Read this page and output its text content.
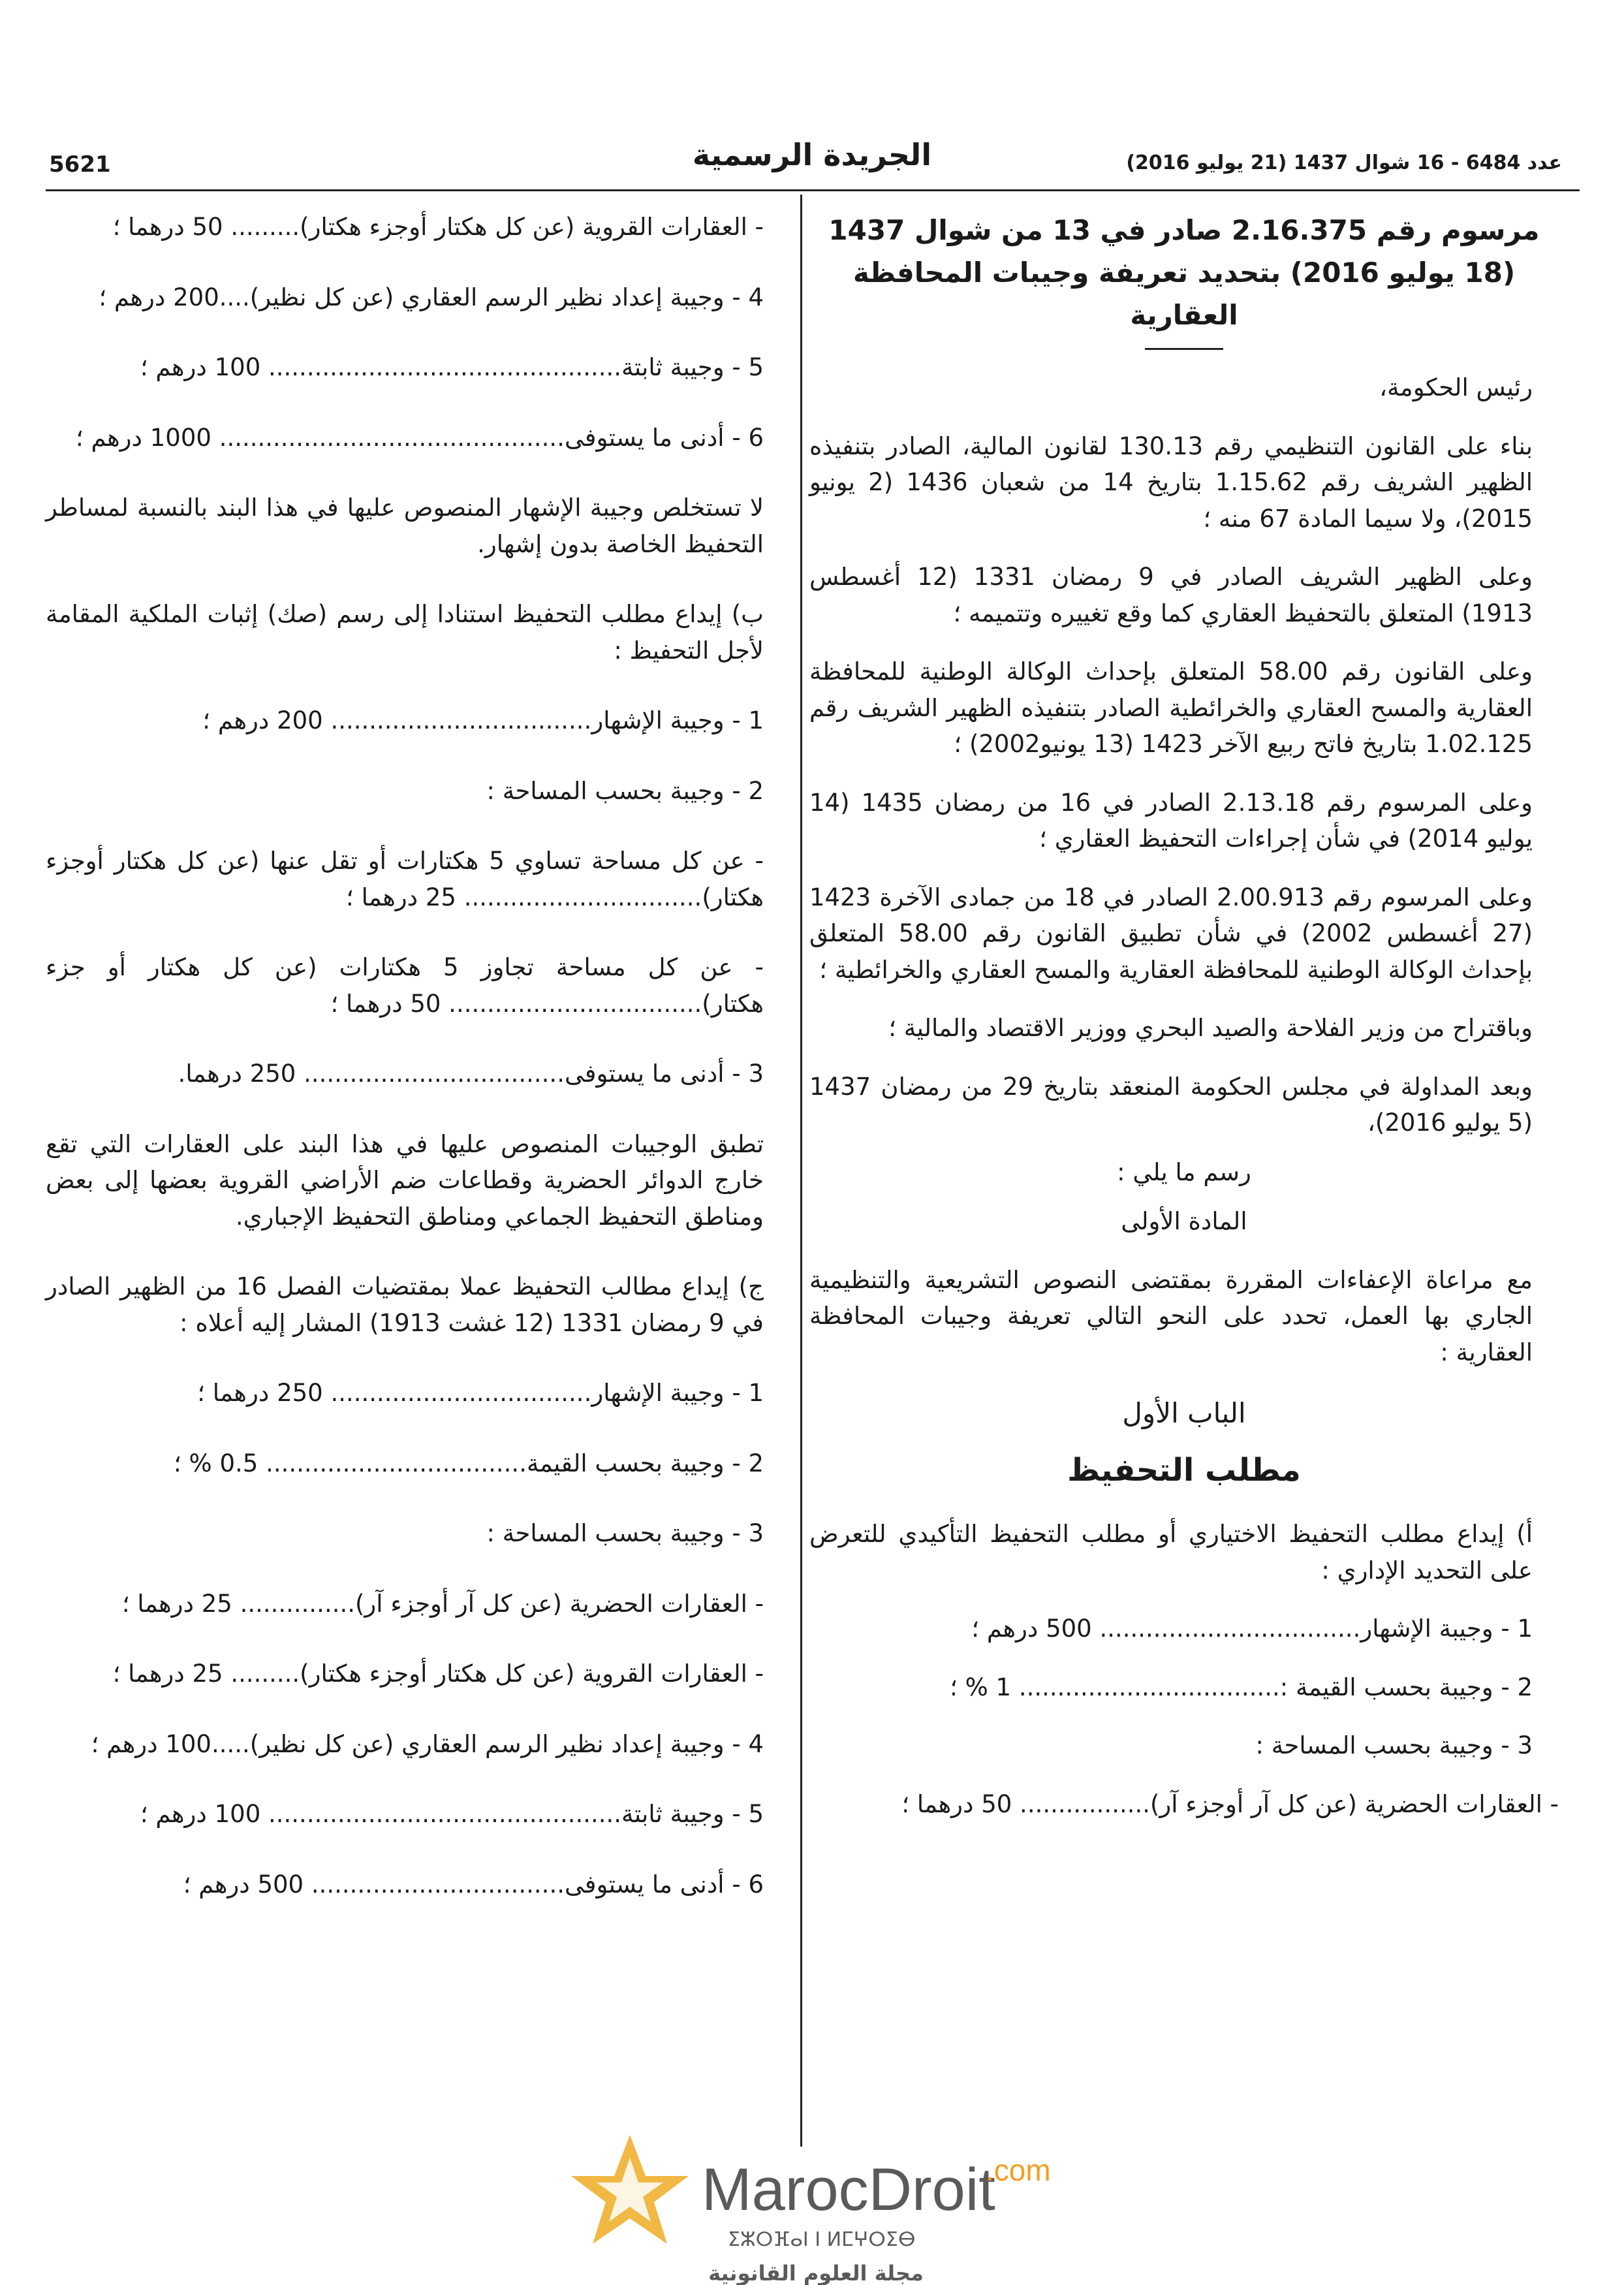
5621	الجريدة الرسمية	عدد 6484 - 16 شوال 1437 (21 يوليو 2016)
مرسوم رقم 2.16.375 صادر في 13 من شوال 1437
(18 يوليو 2016) بتحديد تعريفة وجيبات المحافظة العقارية

رئيس الحكومة،

بناء على القانون التنظيمي رقم 130.13 لقانون المالية، الصادر بتنفيذه الظهير الشريف رقم 1.15.62 بتاريخ 14 من شعبان 1436 (2 يونيو 2015)، ولا سيما المادة 67 منه ؛

وعلى الظهير الشريف الصادر في 9 رمضان 1331 (12 أغسطس 1913) المتعلق بالتحفيظ العقاري كما وقع تغييره وتتميمه ؛

وعلى القانون رقم 58.00 المتعلق بإحداث الوكالة الوطنية للمحافظة العقارية والمسح العقاري والخرائطية الصادر بتنفيذه الظهير الشريف رقم 1.02.125 بتاريخ فاتح ربيع الآخر 1423 (13 يونيو2002) ؛

وعلى المرسوم رقم 2.13.18 الصادر في 16 من رمضان 1435 (14 يوليو 2014) في شأن إجراءات التحفيظ العقاري ؛

وعلى المرسوم رقم 2.00.913 الصادر في 18 من جمادى الآخرة 1423 (27 أغسطس 2002) في شأن تطبيق القانون رقم 58.00 المتعلق بإحداث الوكالة الوطنية للمحافظة العقارية والمسح العقاري والخرائطية ؛

وباقتراح من وزير الفلاحة والصيد البحري ووزير الاقتصاد والمالية ؛

وبعد المداولة في مجلس الحكومة المنعقد بتاريخ 29 من رمضان 1437 (5 يوليو 2016)،

رسم ما يلي :

المادة الأولى

مع مراعاة الإعفاءات المقررة بمقتضى النصوص التشريعية والتنظيمية الجاري بها العمل، تحدد على النحو التالي تعريفة وجيبات المحافظة العقارية :

الباب الأول

مطلب التحفيظ

أ) إيداع مطلب التحفيظ الاختياري أو مطلب التحفيظ التأكيدي للتعرض على التحديد الإداري :

1 - وجيبة الإشهار.................................. 500 درهم ؛

2 - وجيبة بحسب القيمة :.................................. 1 % ؛

3 - وجيبة بحسب المساحة :

- العقارات الحضرية (عن كل آر أوجزء آر)................. 50 درهما ؛

- العقارات القروية (عن كل هكتار أوجزء هكتار)......... 50 درهما ؛

4 - وجيبة إعداد نظير الرسم العقاري (عن كل نظير)....200 درهم ؛

5 - وجيبة ثابتة.............................................. 100 درهم ؛

6 - أدنى ما يستوفى............................................. 1000 درهم ؛

لا تستخلص وجيبة الإشهار المنصوص عليها في هذا البند بالنسبة لمساطر التحفيظ الخاصة بدون إشهار.

ب) إيداع مطلب التحفيظ استنادا إلى رسم (صك) إثبات الملكية المقامة لأجل التحفيظ :

1 - وجيبة الإشهار.................................. 200 درهم ؛

2 - وجيبة بحسب المساحة :

- عن كل مساحة تساوي 5 هكتارات أو تقل عنها (عن كل هكتار أوجزء هكتار)............................... 25 درهما ؛

- عن كل مساحة تجاوز 5 هكتارات (عن كل هكتار أو جزء هكتار)................................. 50 درهما ؛

3 - أدنى ما يستوفى.................................. 250 درهما.

تطبق الوجيبات المنصوص عليها في هذا البند على العقارات التي تقع خارج الدوائر الحضرية وقطاعات ضم الأراضي القروية بعضها إلى بعض ومناطق التحفيظ الجماعي ومناطق التحفيظ الإجباري.

ج) إيداع مطالب التحفيظ عملا بمقتضيات الفصل 16 من الظهير الصادر في 9 رمضان 1331 (12 غشت 1913) المشار إليه أعلاه :

1 - وجيبة الإشهار.................................. 250 درهما ؛

2 - وجيبة بحسب القيمة.................................. 0.5 % ؛

3 - وجيبة بحسب المساحة :

- العقارات الحضرية (عن كل آر أوجزء آر)............... 25 درهما ؛

- العقارات القروية (عن كل هكتار أوجزء هكتار)......... 25 درهما ؛

4 - وجيبة إعداد نظير الرسم العقاري (عن كل نظير).....100 درهم ؛

5 - وجيبة ثابتة.............................................. 100 درهم ؛

6 - أدنى ما يستوفى................................. 500 درهم ؛

MarocDroit
.com
ⵉⵣⵔⴼⴰⵏ ⵏ ⵍⵎⵖⵔⵉⴱ
مجلة العلوم القانونية
